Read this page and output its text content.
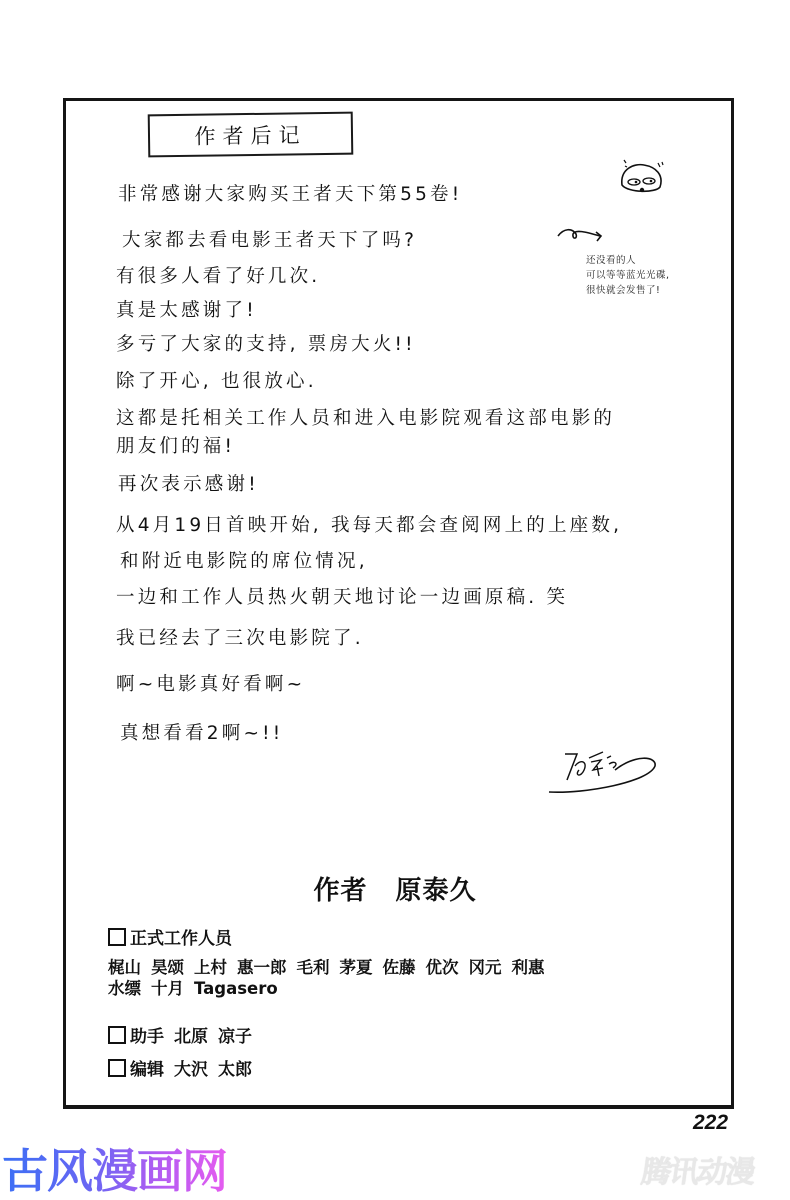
作者后记
还没看的人
可以等等蓝光光碟,
很快就会发售了!
非常感谢大家购买王者天下第55卷!
大家都去看电影王者天下了吗?
有很多人看了好几次.
真是太感谢了!
多亏了大家的支持, 票房大火!!
除了开心, 也很放心.
这都是托相关工作人员和进入电影院观看这部电影的
朋友们的福!
再次表示感谢!
从4月19日首映开始, 我每天都会查阅网上的上座数,
和附近电影院的席位情况,
一边和工作人员热火朝天地讨论一边画原稿. 笑
我已经去了三次电影院了.
啊~电影真好看啊~
真想看看2啊~!!
作者 原泰久
正式工作人员
梶山 昊颂 上村 惠一郎 毛利 茅夏 佐藤 优次 冈元 利惠
水缥 十月 Tagasero
助手 北原 凉子
编辑 大沢 太郎
222
古风漫画网	腾讯动漫
